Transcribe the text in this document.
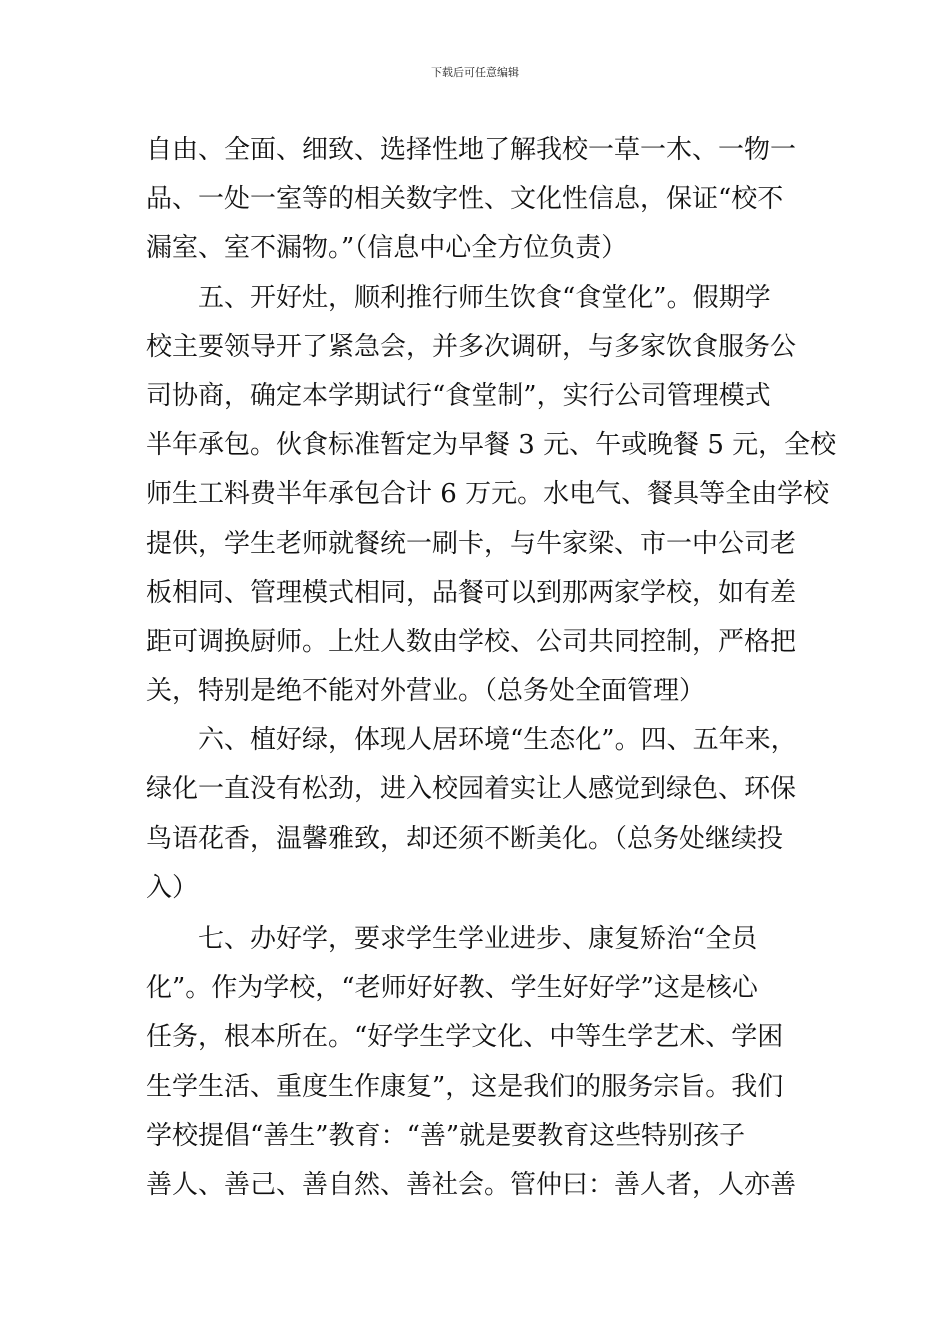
下载后可任意编辑
自由、全面、细致、选择性地了解我校一草一木、一物一
品、一处一室等的相关数字性、文化性信息，保证“校不
漏室、室不漏物。”（信息中心全方位负责）
五、开好灶，顺利推行师生饮食“食堂化”。假期学
校主要领导开了紧急会，并多次调研，与多家饮食服务公
司协商，确定本学期试行“食堂制”，实行公司管理模式
半年承包。伙食标准暂定为早餐 3 元、午或晚餐 5 元，全校
师生工料费半年承包合计 6 万元。水电气、餐具等全由学校
提供，学生老师就餐统一刷卡，与牛家梁、市一中公司老
板相同、管理模式相同，品餐可以到那两家学校，如有差
距可调换厨师。上灶人数由学校、公司共同控制，严格把
关，特别是绝不能对外营业。（总务处全面管理）
六、植好绿，体现人居环境“生态化”。四、五年来，
绿化一直没有松劲，进入校园着实让人感觉到绿色、环保
鸟语花香，温馨雅致，却还须不断美化。（总务处继续投
入）
七、办好学，要求学生学业进步、康复矫治“全员
化”。作为学校，“老师好好教、学生好好学”这是核心
任务，根本所在。“好学生学文化、中等生学艺术、学困
生学生活、重度生作康复”，这是我们的服务宗旨。我们
学校提倡“善生”教育：“善”就是要教育这些特别孩子
善人、善己、善自然、善社会。管仲曰：善人者，人亦善
